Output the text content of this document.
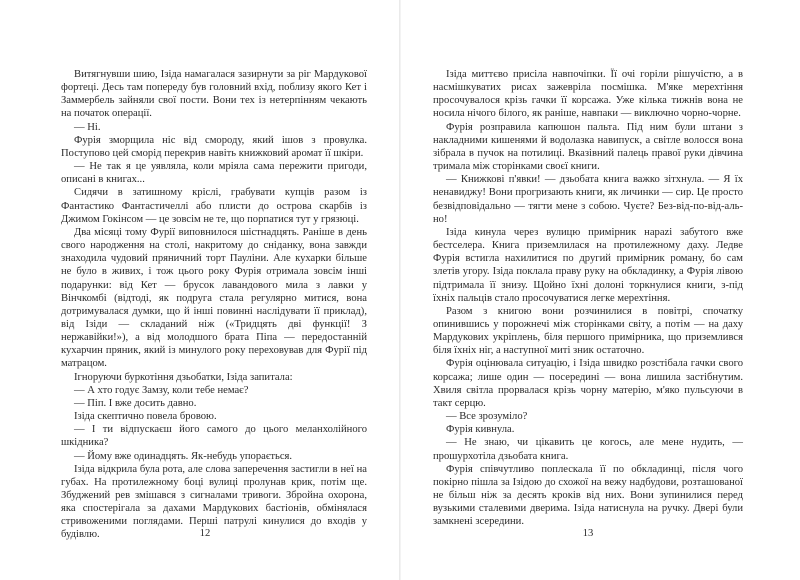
Витягнувши шию, Ізіда намагалася зазирнути за ріг Мардукової фортеці. Десь там попереду був головний вхід, поблизу якого Кет і Заммербель зайняли свої пости. Вони тех із нетерпінням чекають на початок операції.

— Ні.

Фурія зморщила ніс від смороду, який ішов з провулка. Поступово цей сморід перекрив навіть книжковий аромат її шкіри.

— Не так я це уявляла, коли мріяла сама пережити пригоди, описані в книгах...

Сидячи в затишному кріслі, грабувати купців разом із Фантастико Фантастичеллі або плисти до острова скарбів із Джимом Гокінсом — це зовсім не те, що порпатися тут у грязюці.

Два місяці тому Фурії виповнилося шістнадцять. Раніше в день свого народження на столі, накритому до сніданку, вона завжди знаходила чудовий пряничний торт Пауліни. Але кухарки більше не було в живих, і тож цього року Фурія отримала зовсім інші подарунки: від Кет — брусок лавандового мила з лавки у Вінчкомбі (відтоді, як подруга стала регулярно митися, вона дотримувалася думки, що й інші повинні наслідувати її приклад), від Ізіди — складаний ніж («Тридцять дві функції! З нержавійки!»), а від молодшого брата Піпа — передостанній кухарчин пряник, який із минулого року переховував для Фурії під матрацом.

Ігноруючи буркотіння дзьобатки, Ізіда запитала:

— А хто годує Замзу, коли тебе немає?

— Піп. І вже досить давно.

Ізіда скептично повела бровою.

— І ти відпускаєш його самого до цього меланхолійного шкідника?

— Йому вже одинадцять. Як-небудь упорається.

Ізіда відкрила була рота, але слова заперечення застигли в неї на губах. На протилежному боці вулиці пролунав крик, потім ще. Збуджений рев змішався з сигналами тривоги. Збройна охорона, яка спостерігала за дахами Мардукових бастіонів, обмінялася стривоженими поглядами. Перші патрулі кинулися до входів у будівлю.

Ізіда миттєво присіла навпочіпки. Її очі горіли рішучістю, а в насмішкуватих рисах зажевріла посмішка. М'яке мерехтіння просочувалося крізь гачки її корсажа. Уже кілька тижнів вона не носила нічого білого, як раніше, навпаки — виключно чорно-чорне.

Фурія розправила капюшон пальта. Під ним були штани з накладними кишенями й водолазка навипуск, а світле волосся вона зібрала в пучок на потилиці. Вказівний палець правої руки дівчина тримала між сторінками своєї книги.

— Книжкові п'явки! — дзьобата книга важко зітхнула. — Я їх ненавиджу! Вони прогризають книги, як личинки — сир. Це просто безвідповідально — тягти мене з собою. Чуєте? Без-від-по-від-аль-но!

Ізіда кинула через вулицю примірник нарazi забутого вже бестселера. Книга приземлилася на протилежному даху. Ледве Фурія встигла нахилитися по другий примірник роману, бо сам злетів угору. Ізіда поклала праву руку на обкладинку, а Фурія лівою підтримала її знизу. Щойно їхні долоні торкнулися книги, з-під їхніх пальців стало просочуватися легке мерехтіння.

Разом з книгою вони розчинилися в повітрі, спочатку опинившись у порожнечі між сторінками світу, а потім — на даху Мардукових укріплень, біля першого примірника, що приземлився біля їхніх ніг, а наступної миті зник остаточно.

Фурія оцінювала ситуацію, і Ізіда швидко розстібала гачки свого корсажа; лише один — посередині — вона лишила застібнутим. Хвиля світла прорвалася крізь чорну матерію, м'яко пульсуючи в такт серцю.

— Все зрозуміло?

Фурія кивнула.

— Не знаю, чи цікавить це когось, але мене нудить, — прошурхотіла дзьобата книга.

Фурія співчутливо поплескала її по обкладинці, після чого покірно пішла за Ізідою до схожої на вежу надбудови, розташованої не більш ніж за десять кроків від них. Вони зупинилися перед вузькими сталевими дверима. Ізіда натиснула на ручку. Двері були замкнені зсередини.

12	13
